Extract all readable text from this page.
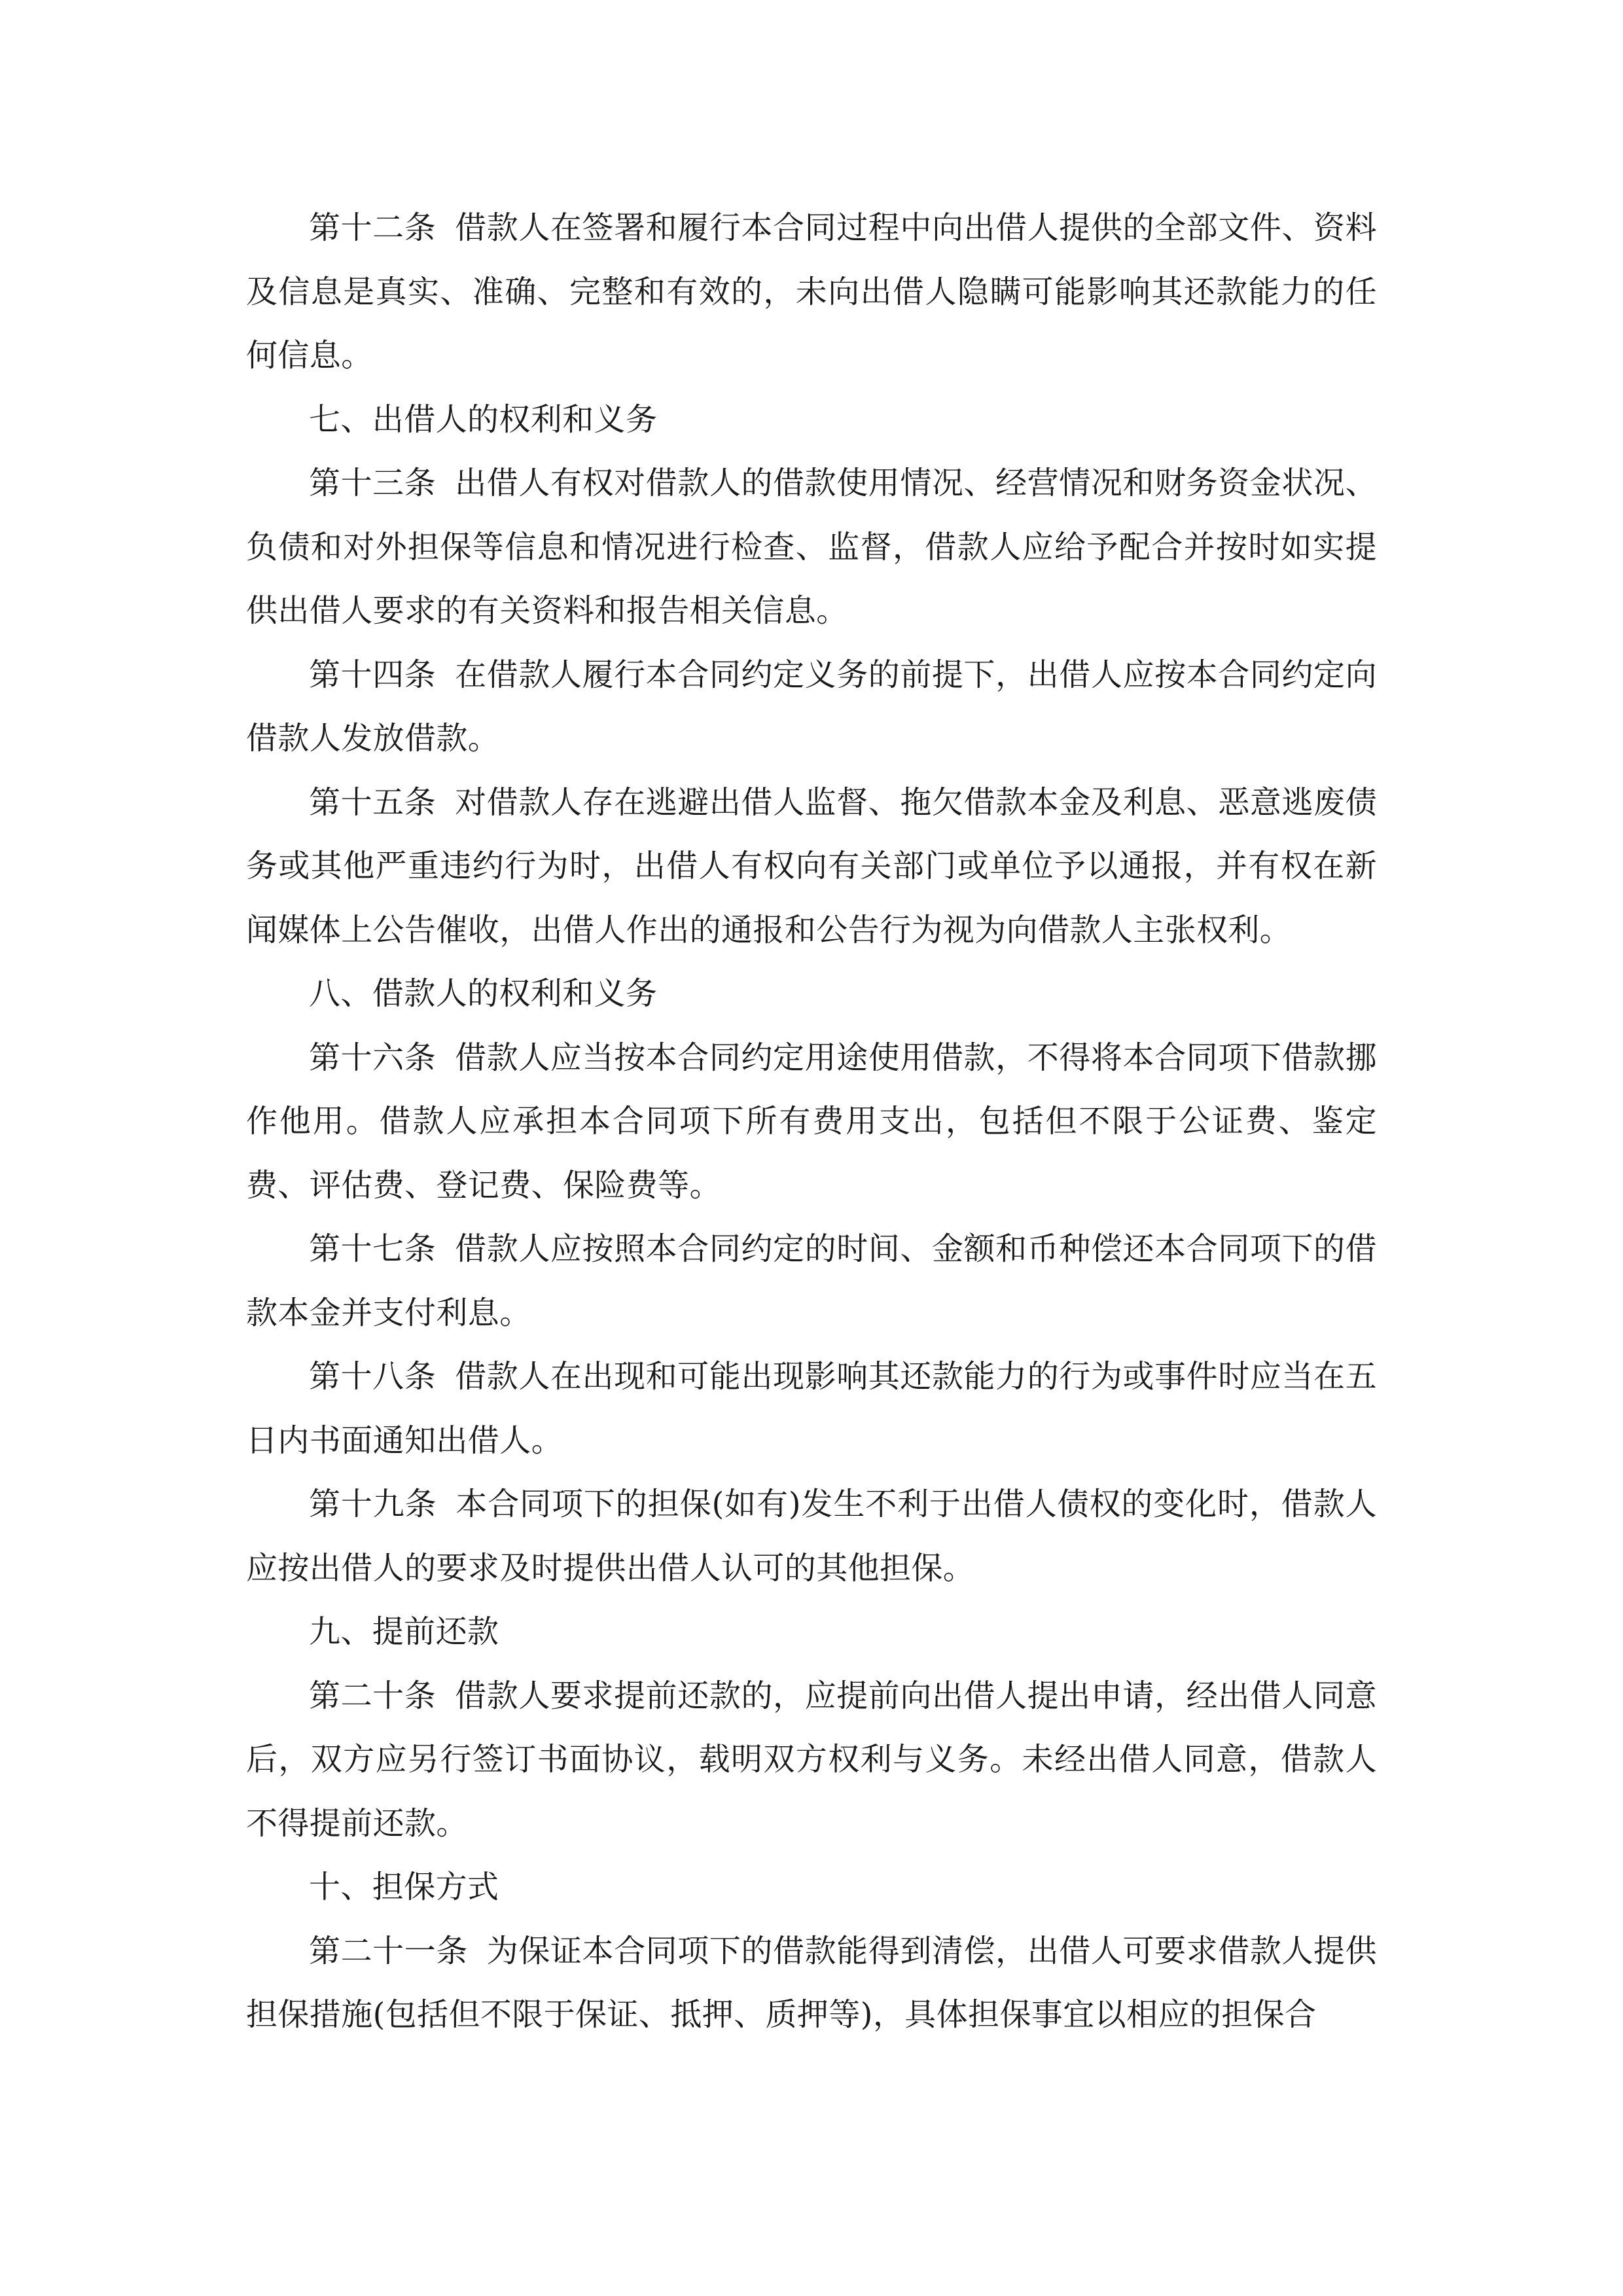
第十二条 借款人在签署和履行本合同过程中向出借人提供的全部文件、资料及信息是真实、准确、完整和有效的，未向出借人隐瞒可能影响其还款能力的任何信息。

七、出借人的权利和义务

第十三条 出借人有权对借款人的借款使用情况、经营情况和财务资金状况、负债和对外担保等信息和情况进行检查、监督，借款人应给予配合并按时如实提供出借人要求的有关资料和报告相关信息。

第十四条 在借款人履行本合同约定义务的前提下，出借人应按本合同约定向借款人发放借款。

第十五条 对借款人存在逃避出借人监督、拖欠借款本金及利息、恶意逃废债务或其他严重违约行为时，出借人有权向有关部门或单位予以通报，并有权在新闻媒体上公告催收，出借人作出的通报和公告行为视为向借款人主张权利。

八、借款人的权利和义务

第十六条 借款人应当按本合同约定用途使用借款，不得将本合同项下借款挪作他用。借款人应承担本合同项下所有费用支出，包括但不限于公证费、鉴定费、评估费、登记费、保险费等。

第十七条 借款人应按照本合同约定的时间、金额和币种偿还本合同项下的借款本金并支付利息。

第十八条 借款人在出现和可能出现影响其还款能力的行为或事件时应当在五日内书面通知出借人。

第十九条 本合同项下的担保(如有)发生不利于出借人债权的变化时，借款人应按出借人的要求及时提供出借人认可的其他担保。

九、提前还款

第二十条 借款人要求提前还款的，应提前向出借人提出申请，经出借人同意后，双方应另行签订书面协议，载明双方权利与义务。未经出借人同意，借款人不得提前还款。

十、担保方式

第二十一条 为保证本合同项下的借款能得到清偿，出借人可要求借款人提供担保措施(包括但不限于保证、抵押、质押等)，具体担保事宜以相应的担保合
